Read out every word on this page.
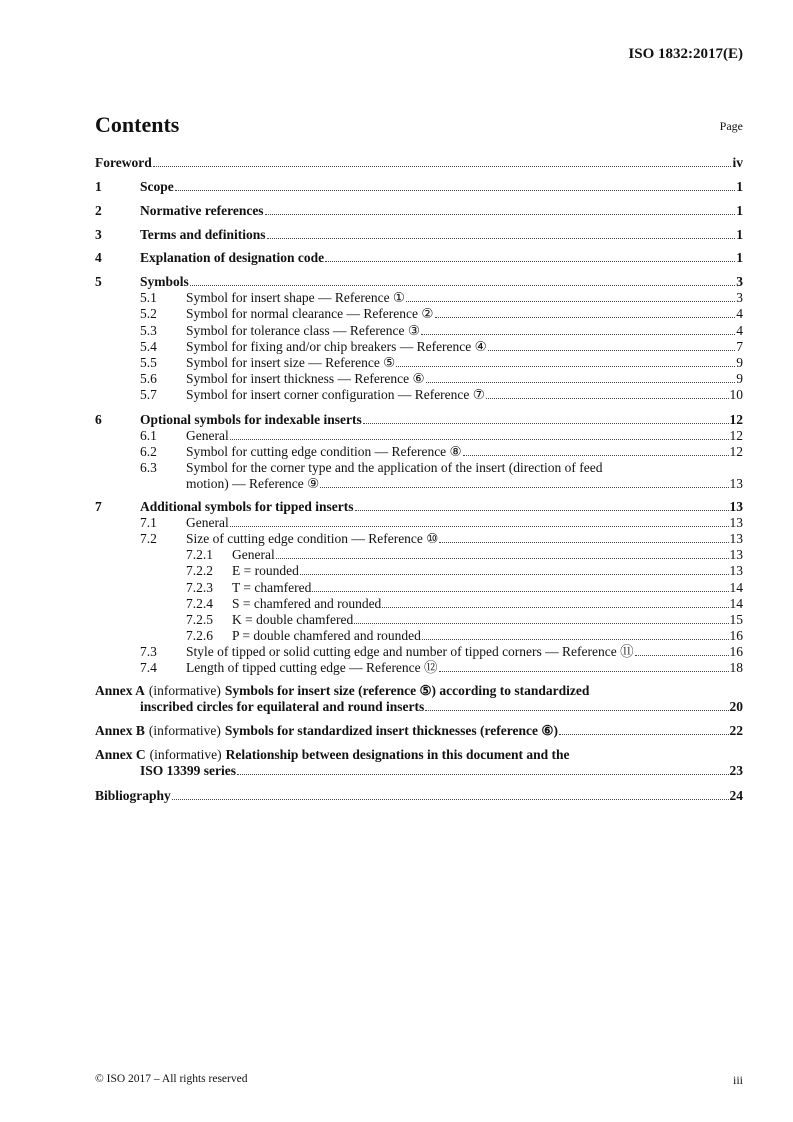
ISO 1832:2017(E)
Contents	Page
Foreword	iv
1	Scope	1
2	Normative references	1
3	Terms and definitions	1
4	Explanation of designation code	1
5	Symbols	3
5.1	Symbol for insert shape — Reference ①	3
5.2	Symbol for normal clearance — Reference ②	4
5.3	Symbol for tolerance class — Reference ③	4
5.4	Symbol for fixing and/or chip breakers — Reference ④	7
5.5	Symbol for insert size — Reference ⑤	9
5.6	Symbol for insert thickness — Reference ⑥	9
5.7	Symbol for insert corner configuration — Reference ⑦	10
6	Optional symbols for indexable inserts	12
6.1	General	12
6.2	Symbol for cutting edge condition — Reference ⑧	12
6.3	Symbol for the corner type and the application of the insert (direction of feed
motion) — Reference ⑨	13
7	Additional symbols for tipped inserts	13
7.1	General	13
7.2	Size of cutting edge condition — Reference ⑩	13
7.2.1	General	13
7.2.2	E = rounded	13
7.2.3	T = chamfered	14
7.2.4	S = chamfered and rounded	14
7.2.5	K = double chamfered	15
7.2.6	P = double chamfered and rounded	16
7.3	Style of tipped or solid cutting edge and number of tipped corners — Reference ⑪	16
7.4	Length of tipped cutting edge — Reference ⑫	18
Annex A (informative) Symbols for insert size (reference ⑤) according to standardized
inscribed circles for equilateral and round inserts	20
Annex B (informative) Symbols for standardized insert thicknesses (reference ⑥)	22
Annex C (informative) Relationship between designations in this document and the
ISO 13399 series	23
Bibliography	24
© ISO 2017 – All rights reserved	iii
